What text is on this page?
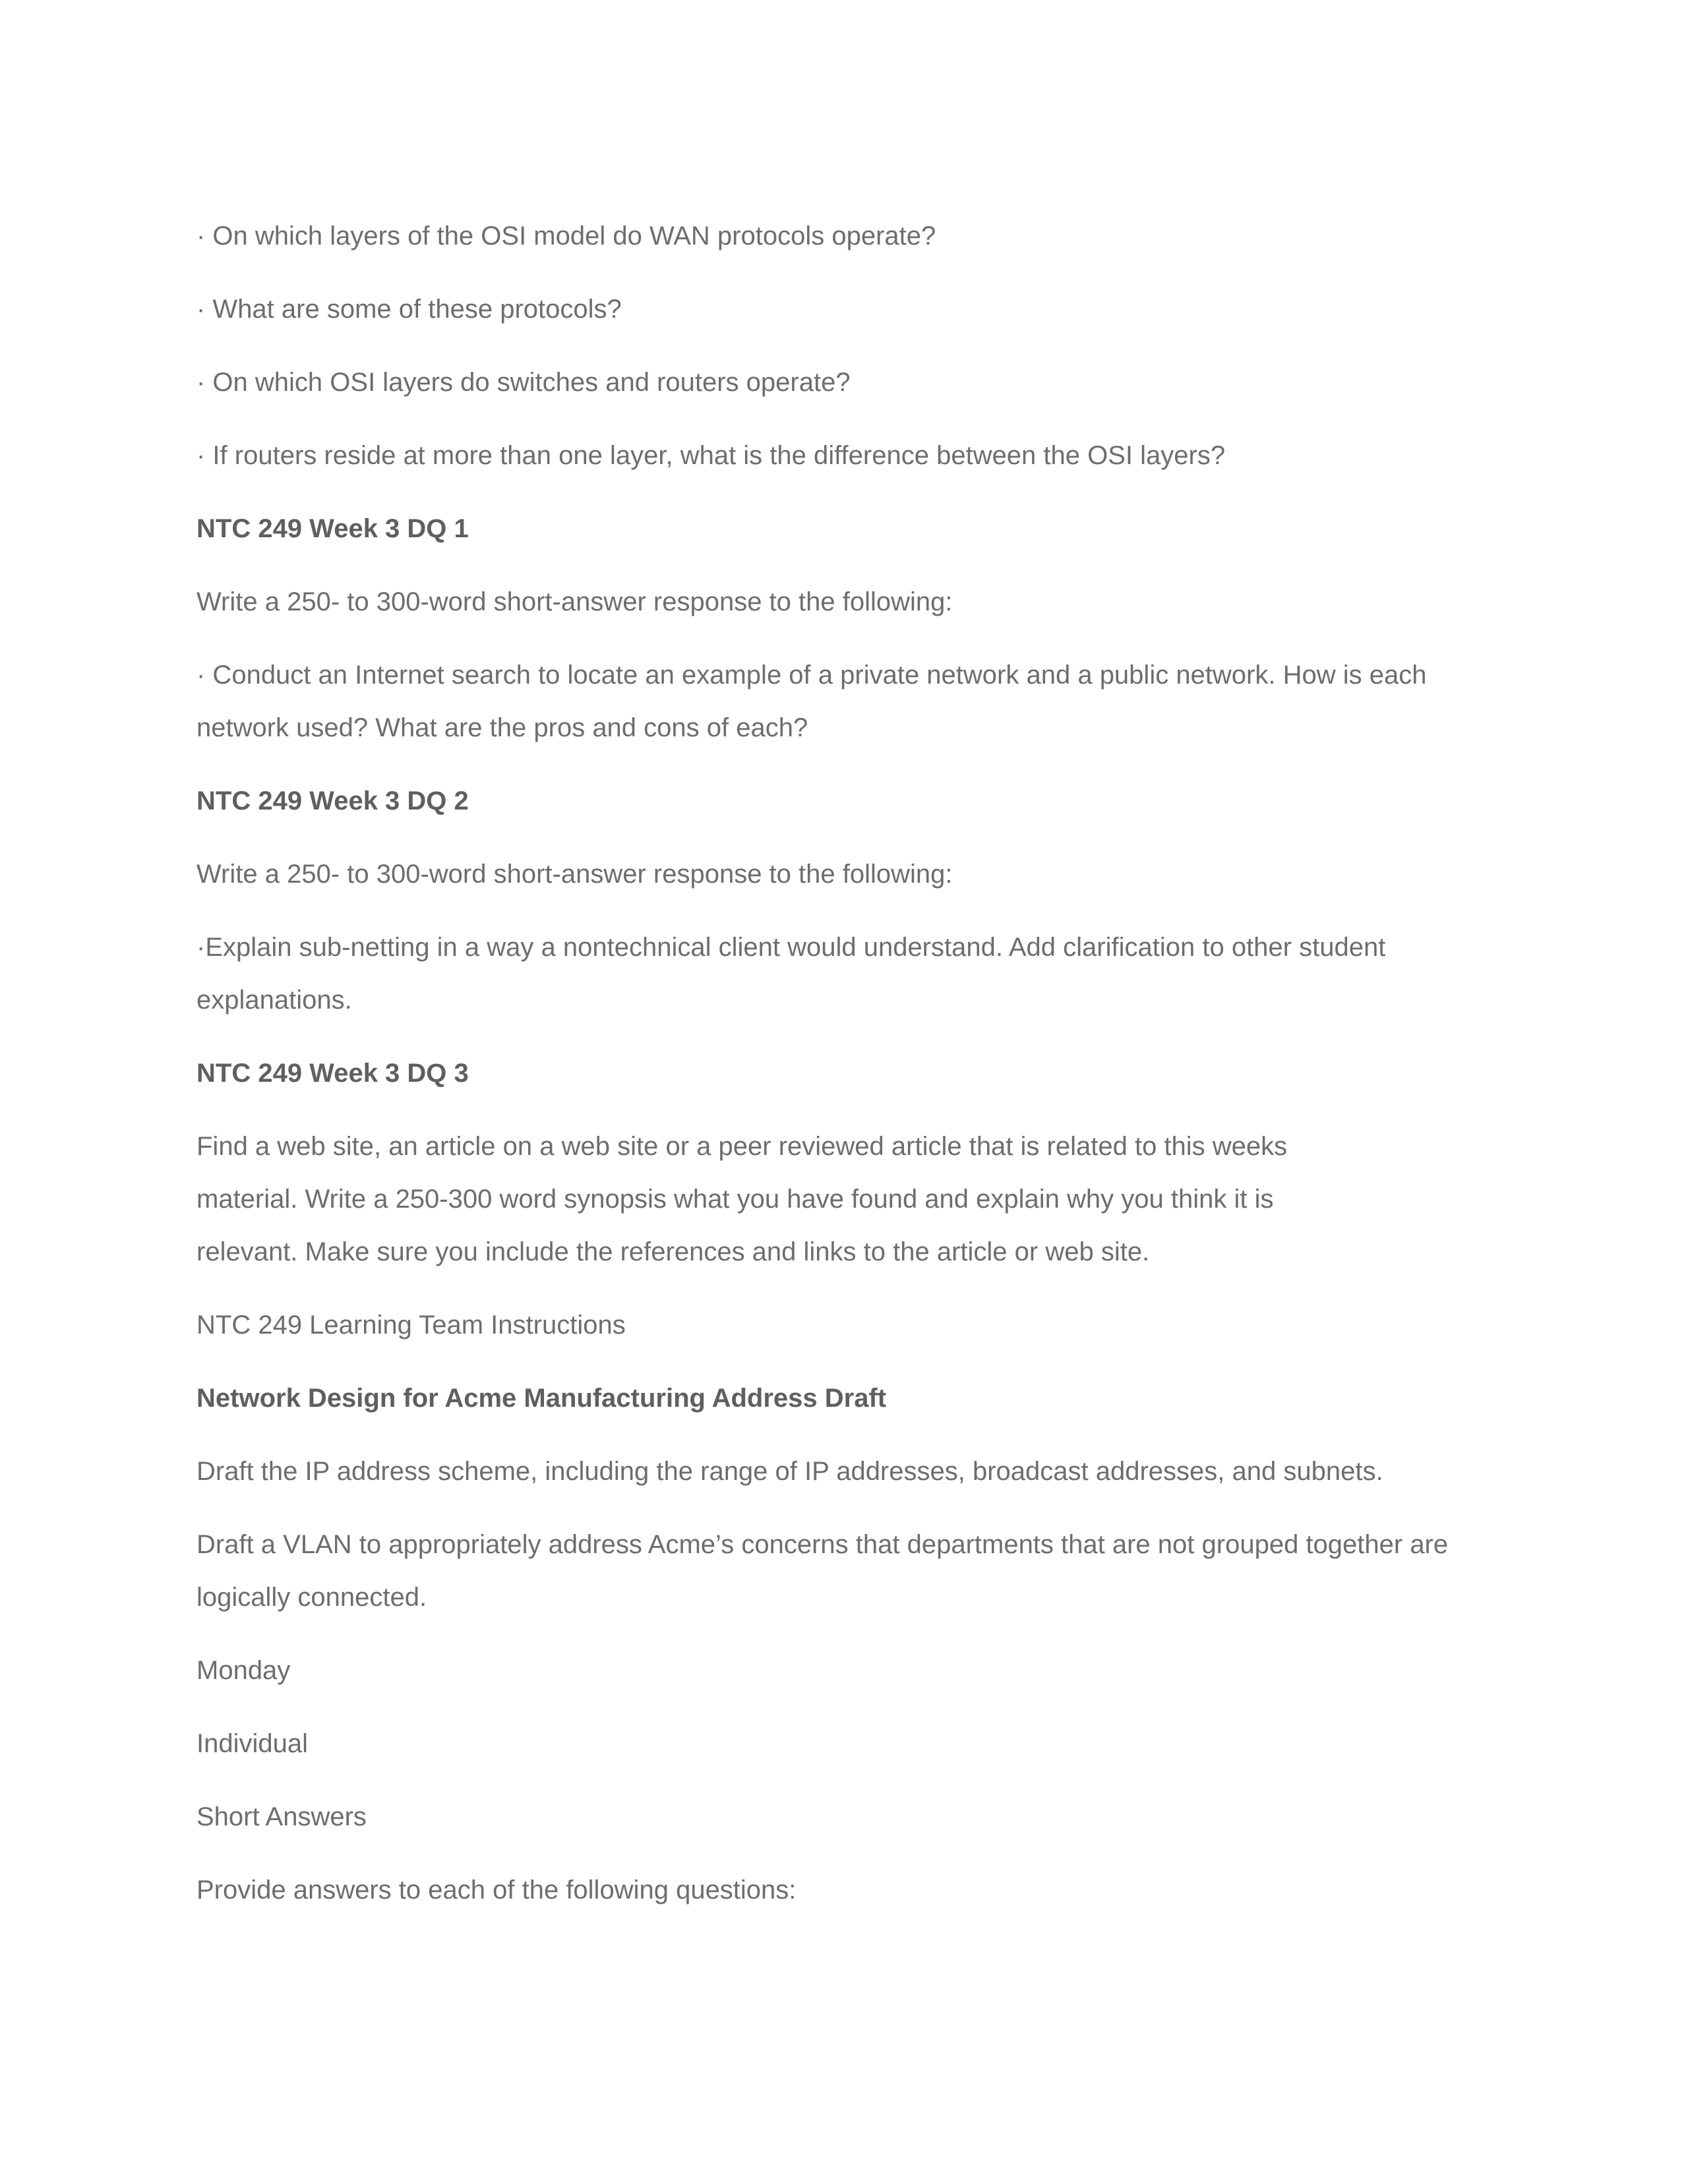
· On which layers of the OSI model do WAN protocols operate?

· What are some of these protocols?

· On which OSI layers do switches and routers operate?

· If routers reside at more than one layer, what is the difference between the OSI layers?

NTC 249 Week 3 DQ 1

Write a 250- to 300-word short-answer response to the following:

· Conduct an Internet search to locate an example of a private network and a public network. How is each network used? What are the pros and cons of each?

NTC 249 Week 3 DQ 2

Write a 250- to 300-word short-answer response to the following:

·Explain sub-netting in a way a nontechnical client would understand. Add clarification to other student explanations.

NTC 249 Week 3 DQ 3

Find a web site, an article on a web site or a peer reviewed article that is related to this weeks
material. Write a 250-300 word synopsis what you have found and explain why you think it is
relevant. Make sure you include the references and links to the article or web site.

NTC 249 Learning Team Instructions

Network Design for Acme Manufacturing Address Draft

Draft the IP address scheme, including the range of IP addresses, broadcast addresses, and subnets.

Draft a VLAN to appropriately address Acme’s concerns that departments that are not grouped together are logically connected.

Monday

Individual

Short Answers

Provide answers to each of the following questions:
